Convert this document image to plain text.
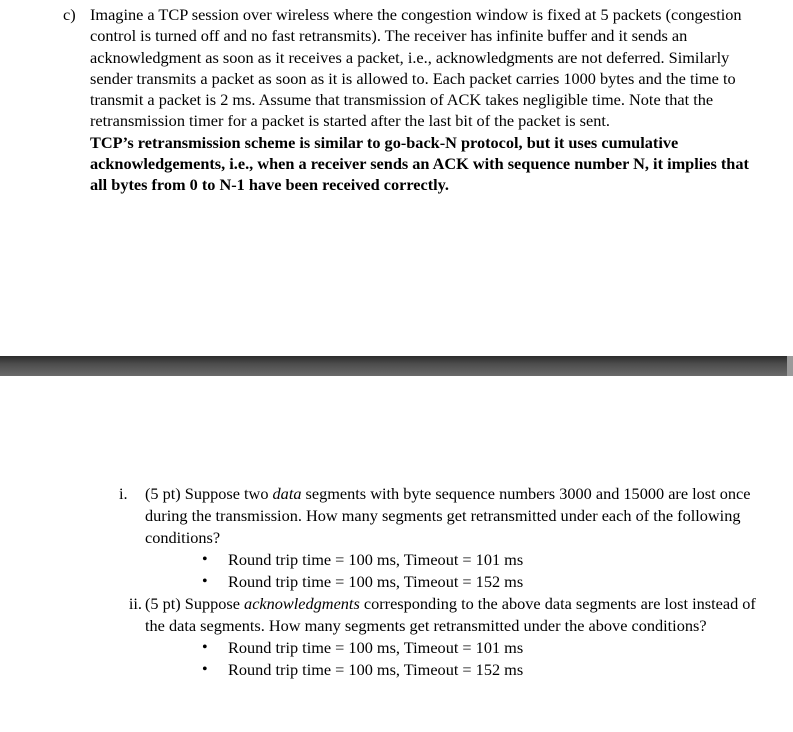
c) Imagine a TCP session over wireless where the congestion window is fixed at 5 packets (congestion control is turned off and no fast retransmits). The receiver has infinite buffer and it sends an acknowledgment as soon as it receives a packet, i.e., acknowledgments are not deferred. Similarly sender transmits a packet as soon as it is allowed to. Each packet carries 1000 bytes and the time to transmit a packet is 2 ms. Assume that transmission of ACK takes negligible time. Note that the retransmission timer for a packet is started after the last bit of the packet is sent.
TCP’s retransmission scheme is similar to go-back-N protocol, but it uses cumulative acknowledgements, i.e., when a receiver sends an ACK with sequence number N, it implies that all bytes from 0 to N-1 have been received correctly.
i.	(5 pt) Suppose two data segments with byte sequence numbers 3000 and 15000 are lost once during the transmission. How many segments get retransmitted under each of the following conditions?
• Round trip time = 100 ms, Timeout = 101 ms
• Round trip time = 100 ms, Timeout = 152 ms
ii. (5 pt) Suppose acknowledgments corresponding to the above data segments are lost instead of the data segments. How many segments get retransmitted under the above conditions?
• Round trip time = 100 ms, Timeout = 101 ms
• Round trip time = 100 ms, Timeout = 152 ms
